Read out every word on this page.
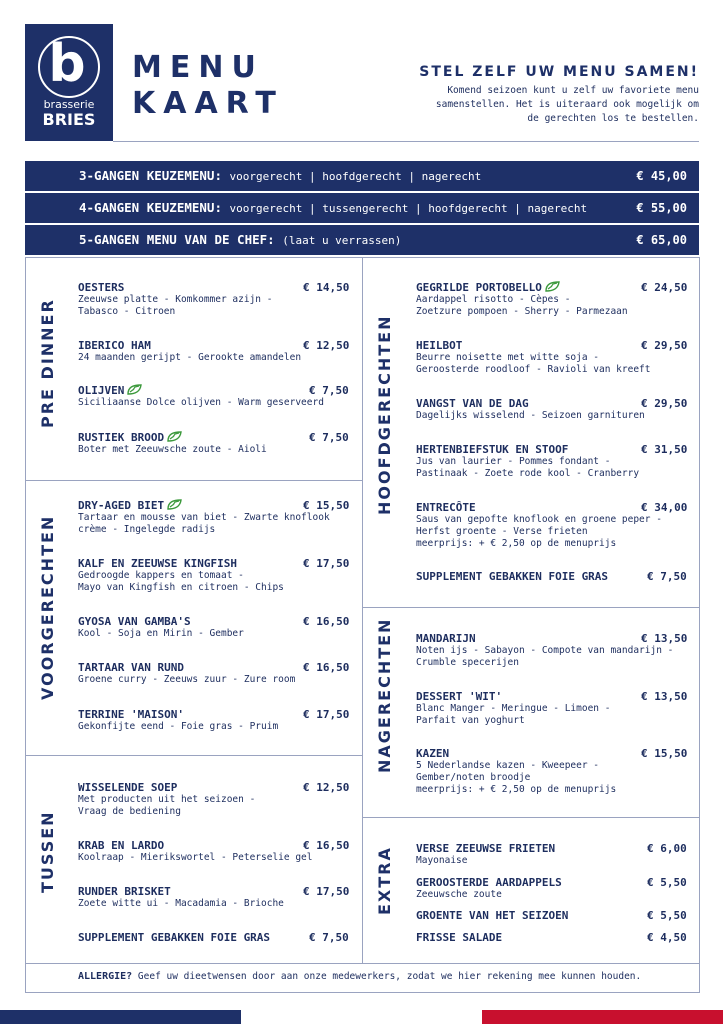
b
brasserie
BRIES
MENU
KAART
STEL ZELF UW MENU SAMEN!
Komend seizoen kunt u zelf uw favoriete menu samenstellen. Het is uiteraard ook mogelijk om de gerechten los te bestellen.
3-GANGEN KEUZEMENU: voorgerecht | hoofdgerecht | nagerecht	€ 45,00
4-GANGEN KEUZEMENU: voorgerecht | tussengerecht | hoofdgerecht | nagerecht	€ 55,00
5-GANGEN MENU VAN DE CHEF: (laat u verrassen)	€ 65,00
PRE DINNER
VOORGERECHTEN
TUSSEN
HOOFDGERECHTEN
NAGERECHTEN
EXTRA
OESTERS
Zeeuwse platte - Komkommer azijn -
Tabasco - Citroen
€ 14,50
IBERICO HAM
24 maanden gerijpt - Gerookte amandelen
€ 12,50
OLIJVEN
Siciliaanse Dolce olijven - Warm geserveerd
€ 7,50
RUSTIEK BROOD
Boter met Zeeuwsche zoute - Aioli
€ 7,50
DRY-AGED BIET
Tartaar en mousse van biet - Zwarte knoflook
crème - Ingelegde radijs
€ 15,50
KALF EN ZEEUWSE KINGFISH
Gedroogde kappers en tomaat -
Mayo van Kingfish en citroen - Chips
€ 17,50
GYOSA VAN GAMBA'S
Kool - Soja en Mirin - Gember
€ 16,50
TARTAAR VAN RUND
Groene curry - Zeeuws zuur - Zure room
€ 16,50
TERRINE 'MAISON'
Gekonfijte eend - Foie gras - Pruim
€ 17,50
WISSELENDE SOEP
Met producten uit het seizoen -
Vraag de bediening
€ 12,50
KRAB EN LARDO
Koolraap - Mierikswortel - Peterselie gel
€ 16,50
RUNDER BRISKET
Zoete witte ui - Macadamia - Brioche
€ 17,50
SUPPLEMENT GEBAKKEN FOIE GRAS	€ 7,50
GEGRILDE PORTOBELLO
Aardappel risotto - Cèpes -
Zoetzure pompoen - Sherry - Parmezaan
€ 24,50
HEILBOT
Beurre noisette met witte soja -
Geroosterde roodloof - Ravioli van kreeft
€ 29,50
VANGST VAN DE DAG
Dagelijks wisselend - Seizoen garnituren
€ 29,50
HERTENBIEFSTUK EN STOOF
Jus van laurier - Pommes fondant -
Pastinaak - Zoete rode kool - Cranberry
€ 31,50
ENTRECÔTE
Saus van gepofte knoflook en groene peper -
Herfst groente - Verse frieten
meerprijs: + € 2,50 op de menuprijs
€ 34,00
SUPPLEMENT GEBAKKEN FOIE GRAS	€ 7,50
MANDARIJN
Noten ijs - Sabayon - Compote van mandarijn -
Crumble specerijen
€ 13,50
DESSERT 'WIT'
Blanc Manger - Meringue - Limoen -
Parfait van yoghurt
€ 13,50
KAZEN
5 Nederlandse kazen - Kweepeer -
Gember/noten broodje
meerprijs: + € 2,50 op de menuprijs
€ 15,50
VERSE ZEEUWSE FRIETEN
Mayonaise
€ 6,00
GEROOSTERDE AARDAPPELS
Zeeuwsche zoute
€ 5,50
GROENTE VAN HET SEIZOEN	€ 5,50
FRISSE SALADE	€ 4,50
ALLERGIE? Geef uw dieetwensen door aan onze medewerkers, zodat we hier rekening mee kunnen houden.
